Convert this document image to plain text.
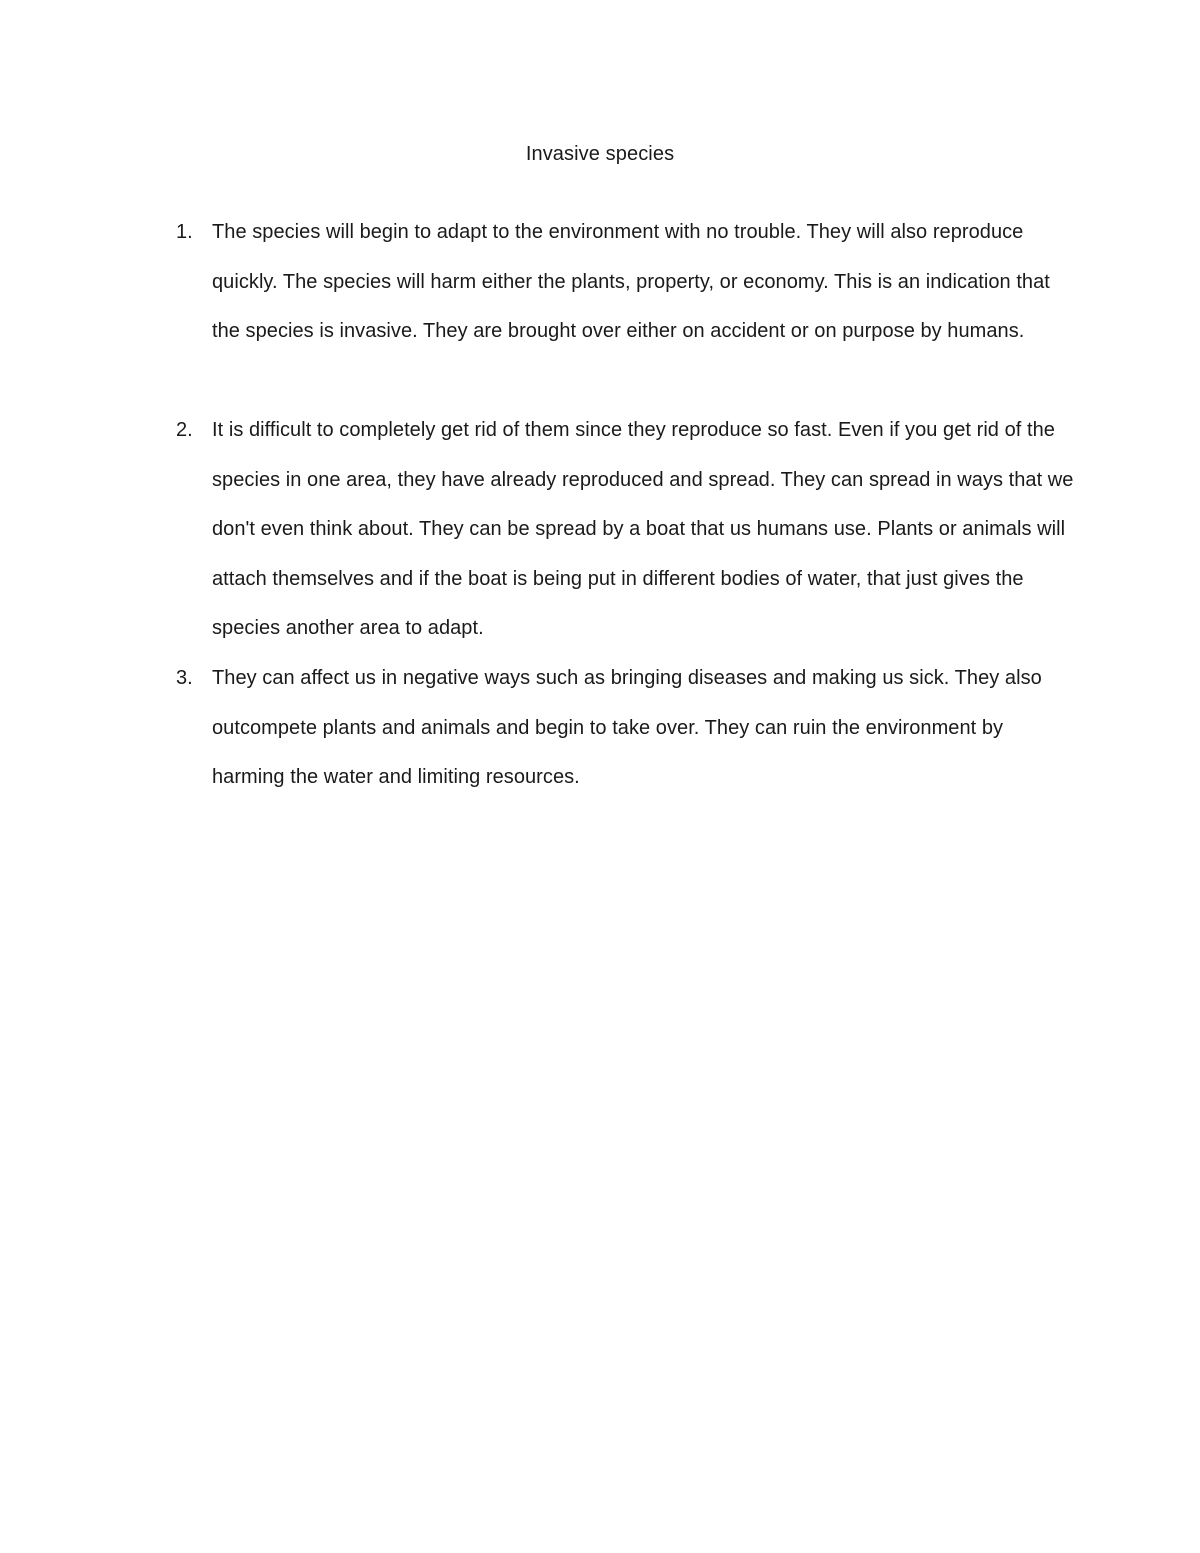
Invasive species
1. The species will begin to adapt to the environment with no trouble. They will also reproduce quickly. The species will harm either the plants, property, or economy. This is an indication that the species is invasive. They are brought over either on accident or on purpose by humans.
2. It is difficult to completely get rid of them since they reproduce so fast. Even if you get rid of the species in one area, they have already reproduced and spread. They can spread in ways that we don't even think about. They can be spread by a boat that us humans use. Plants or animals will attach themselves and if the boat is being put in different bodies of water, that just gives the species another area to adapt.
3. They can affect us in negative ways such as bringing diseases and making us sick. They also outcompete plants and animals and begin to take over. They can ruin the environment by harming the water and limiting resources.
